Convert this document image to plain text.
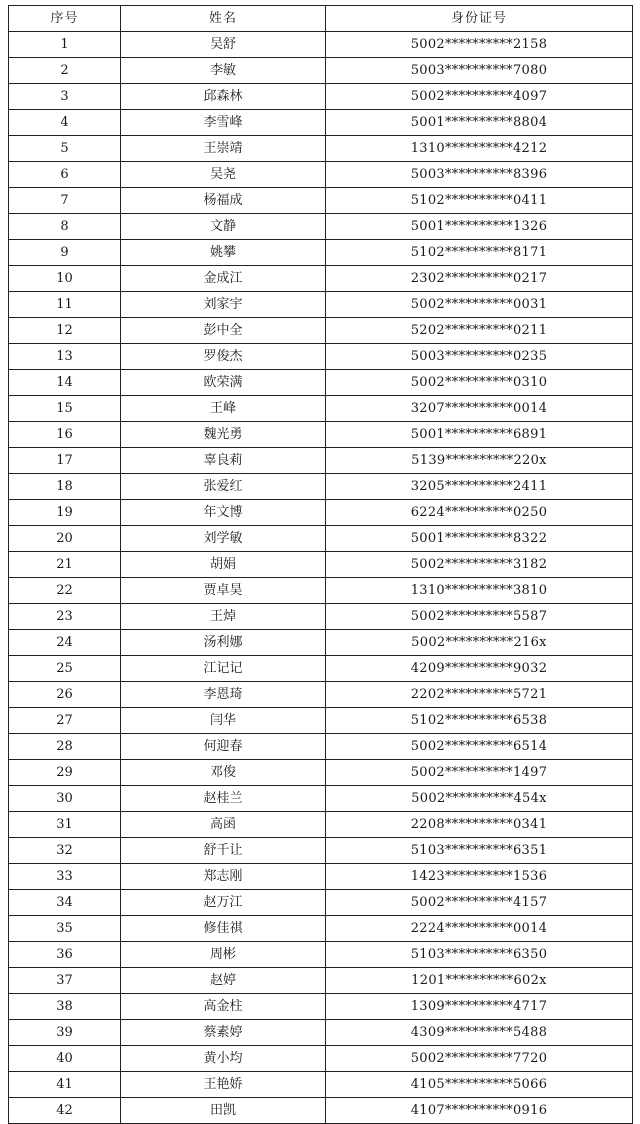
序号	姓名	身份证号
1	吴舒	5002**********2158
2	李敏	5003**********7080
3	邱森林	5002**********4097
4	李雪峰	5001**********8804
5	王崇靖	1310**********4212
6	吴尧	5003**********8396
7	杨福成	5102**********0411
8	文静	5001**********1326
9	姚攀	5102**********8171
10	金成江	2302**********0217
11	刘家宇	5002**********0031
12	彭中全	5202**********0211
13	罗俊杰	5003**********0235
14	欧荣满	5002**********0310
15	王峰	3207**********0014
16	魏光勇	5001**********6891
17	辜良莉	5139**********220x
18	张爱红	3205**********2411
19	年文博	6224**********0250
20	刘学敏	5001**********8322
21	胡娟	5002**********3182
22	贾卓昊	1310**********3810
23	王焯	5002**********5587
24	汤利娜	5002**********216x
25	江记记	4209**********9032
26	李恩琦	2202**********5721
27	闫华	5102**********6538
28	何迎春	5002**********6514
29	邓俊	5002**********1497
30	赵桂兰	5002**********454x
31	高函	2208**********0341
32	舒千让	5103**********6351
33	郑志刚	1423**********1536
34	赵万江	5002**********4157
35	修佳祺	2224**********0014
36	周彬	5103**********6350
37	赵婷	1201**********602x
38	高金柱	1309**********4717
39	蔡素婷	4309**********5488
40	黄小均	5002**********7720
41	王艳娇	4105**********5066
42	田凯	4107**********0916
